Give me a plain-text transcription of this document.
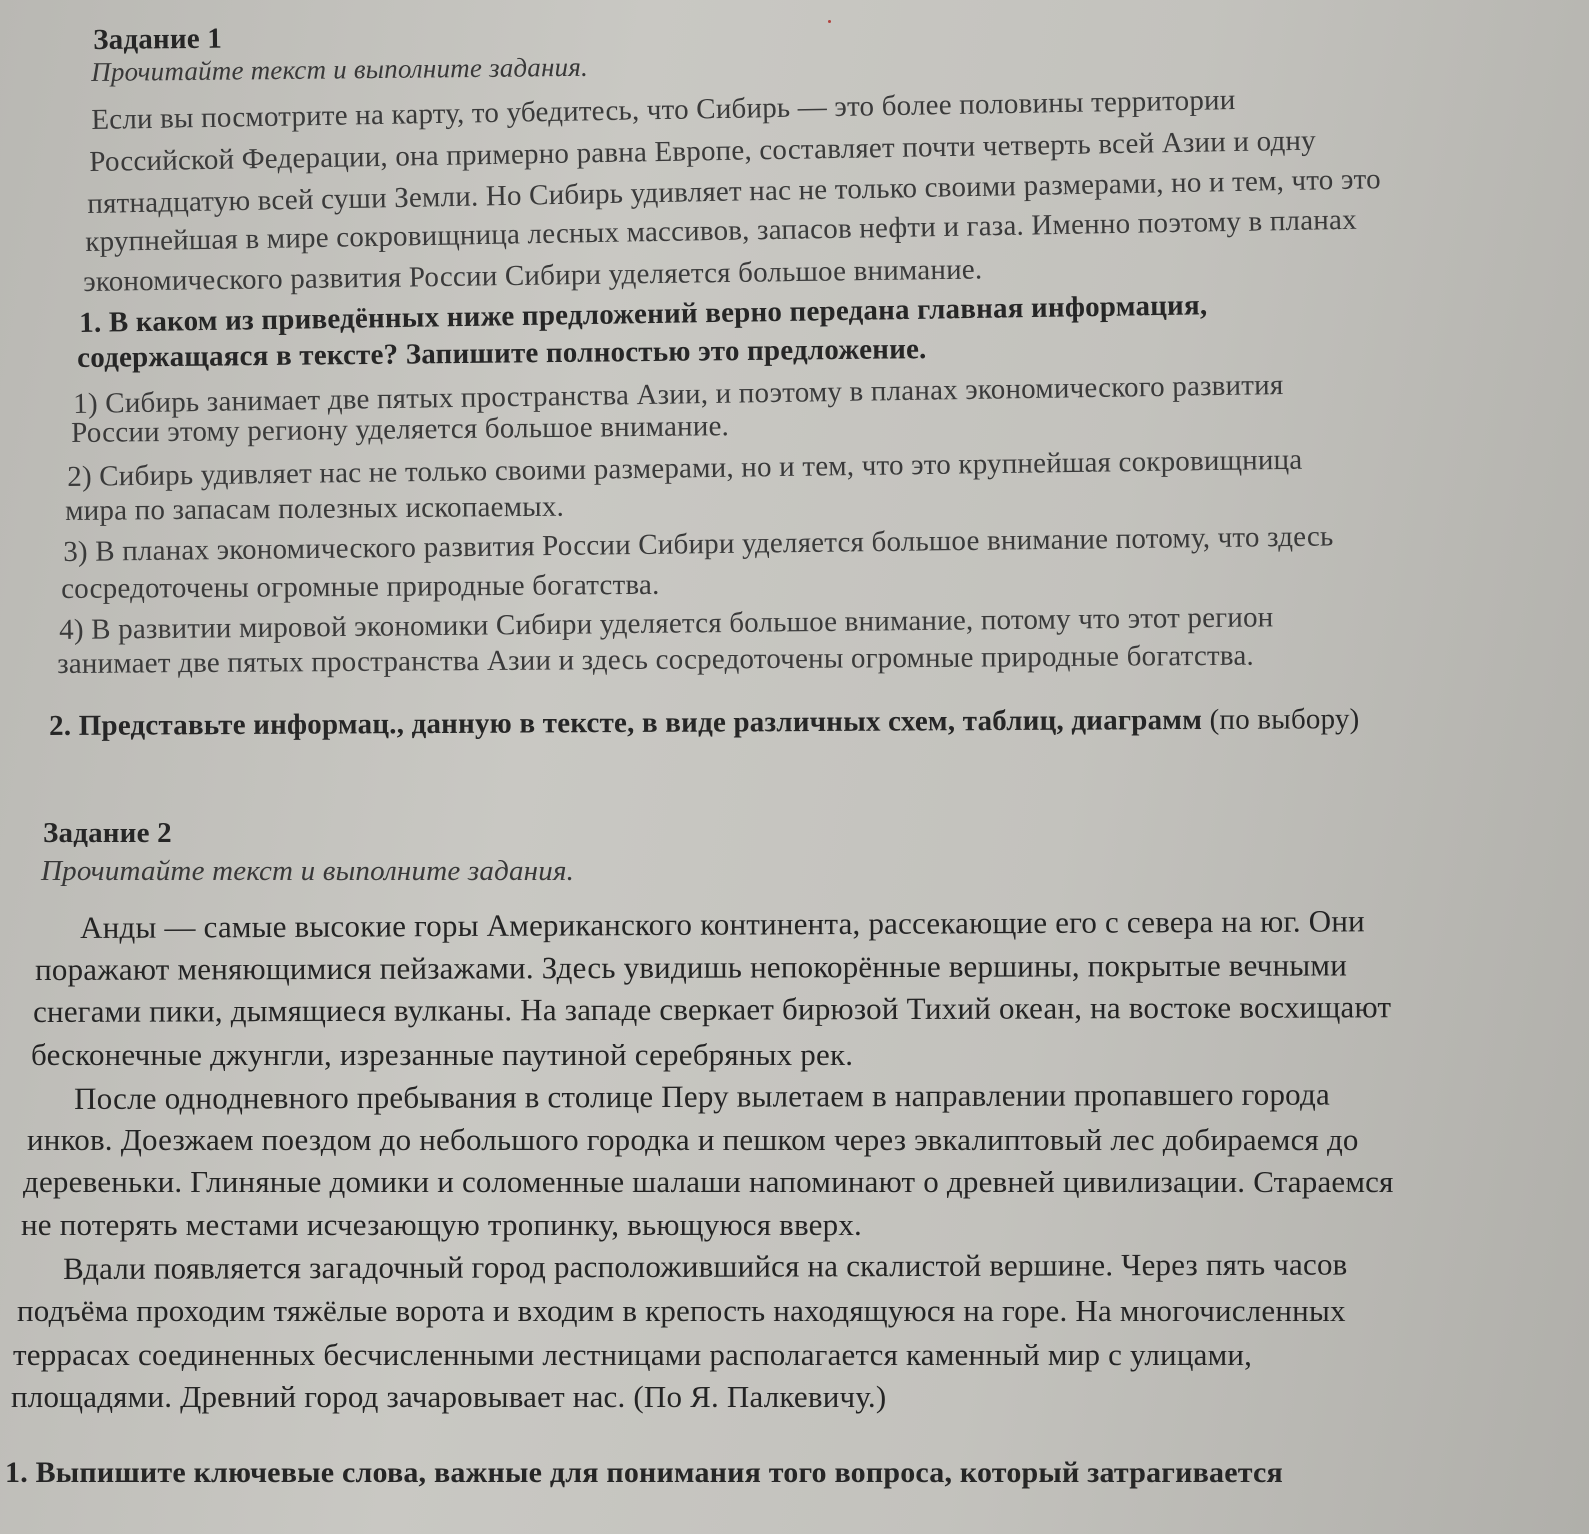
Задание 1
Прочитайте текст и выполните задания.
Если вы посмотрите на карту, то убедитесь, что Сибирь — это более половины территории
Российской Федерации, она примерно равна Европе, составляет почти четверть всей Азии и одну
пятнадцатую всей суши Земли. Но Сибирь удивляет нас не только своими размерами, но и тем, что это
крупнейшая в мире сокровищница лесных массивов, запасов нефти и газа. Именно поэтому в планах
экономического развития России Сибири уделяется большое внимание.
1. В каком из приведённых ниже предложений верно передана главная информация,
содержащаяся в тексте? Запишите полностью это предложение.
1) Сибирь занимает две пятых пространства Азии, и поэтому в планах экономического развития
России этому региону уделяется большое внимание.
2) Сибирь удивляет нас не только своими размерами, но и тем, что это крупнейшая сокровищница
мира по запасам полезных ископаемых.
3) В планах экономического развития России Сибири уделяется большое внимание потому, что здесь
сосредоточены огромные природные богатства.
4) В развитии мировой экономики Сибири уделяется большое внимание, потому что этот регион
занимает две пятых пространства Азии и здесь сосредоточены огромные природные богатства.
2. Представьте информац., данную в тексте, в виде различных схем, таблиц, диаграмм (по выбору)
Задание 2
Прочитайте текст и выполните задания.
Анды — самые высокие горы Американского континента, рассекающие его с севера на юг. Они
поражают меняющимися пейзажами. Здесь увидишь непокорённые вершины, покрытые вечными
снегами пики, дымящиеся вулканы. На западе сверкает бирюзой Тихий океан, на востоке восхищают
бесконечные джунгли, изрезанные паутиной серебряных рек.
После однодневного пребывания в столице Перу вылетаем в направлении пропавшего города
инков. Доезжаем поездом до небольшого городка и пешком через эвкалиптовый лес добираемся до
деревеньки. Глиняные домики и соломенные шалаши напоминают о древней цивилизации. Стараемся
не потерять местами исчезающую тропинку, вьющуюся вверх.
Вдали появляется загадочный город расположившийся на скалистой вершине. Через пять часов
подъёма проходим тяжёлые ворота и входим в крепость находящуюся на горе. На многочисленных
террасах соединенных бесчисленными лестницами располагается каменный мир с улицами,
площадями. Древний город зачаровывает нас. (По Я. Палкевичу.)
1. Выпишите ключевые слова, важные для понимания того вопроса, который затрагивается
